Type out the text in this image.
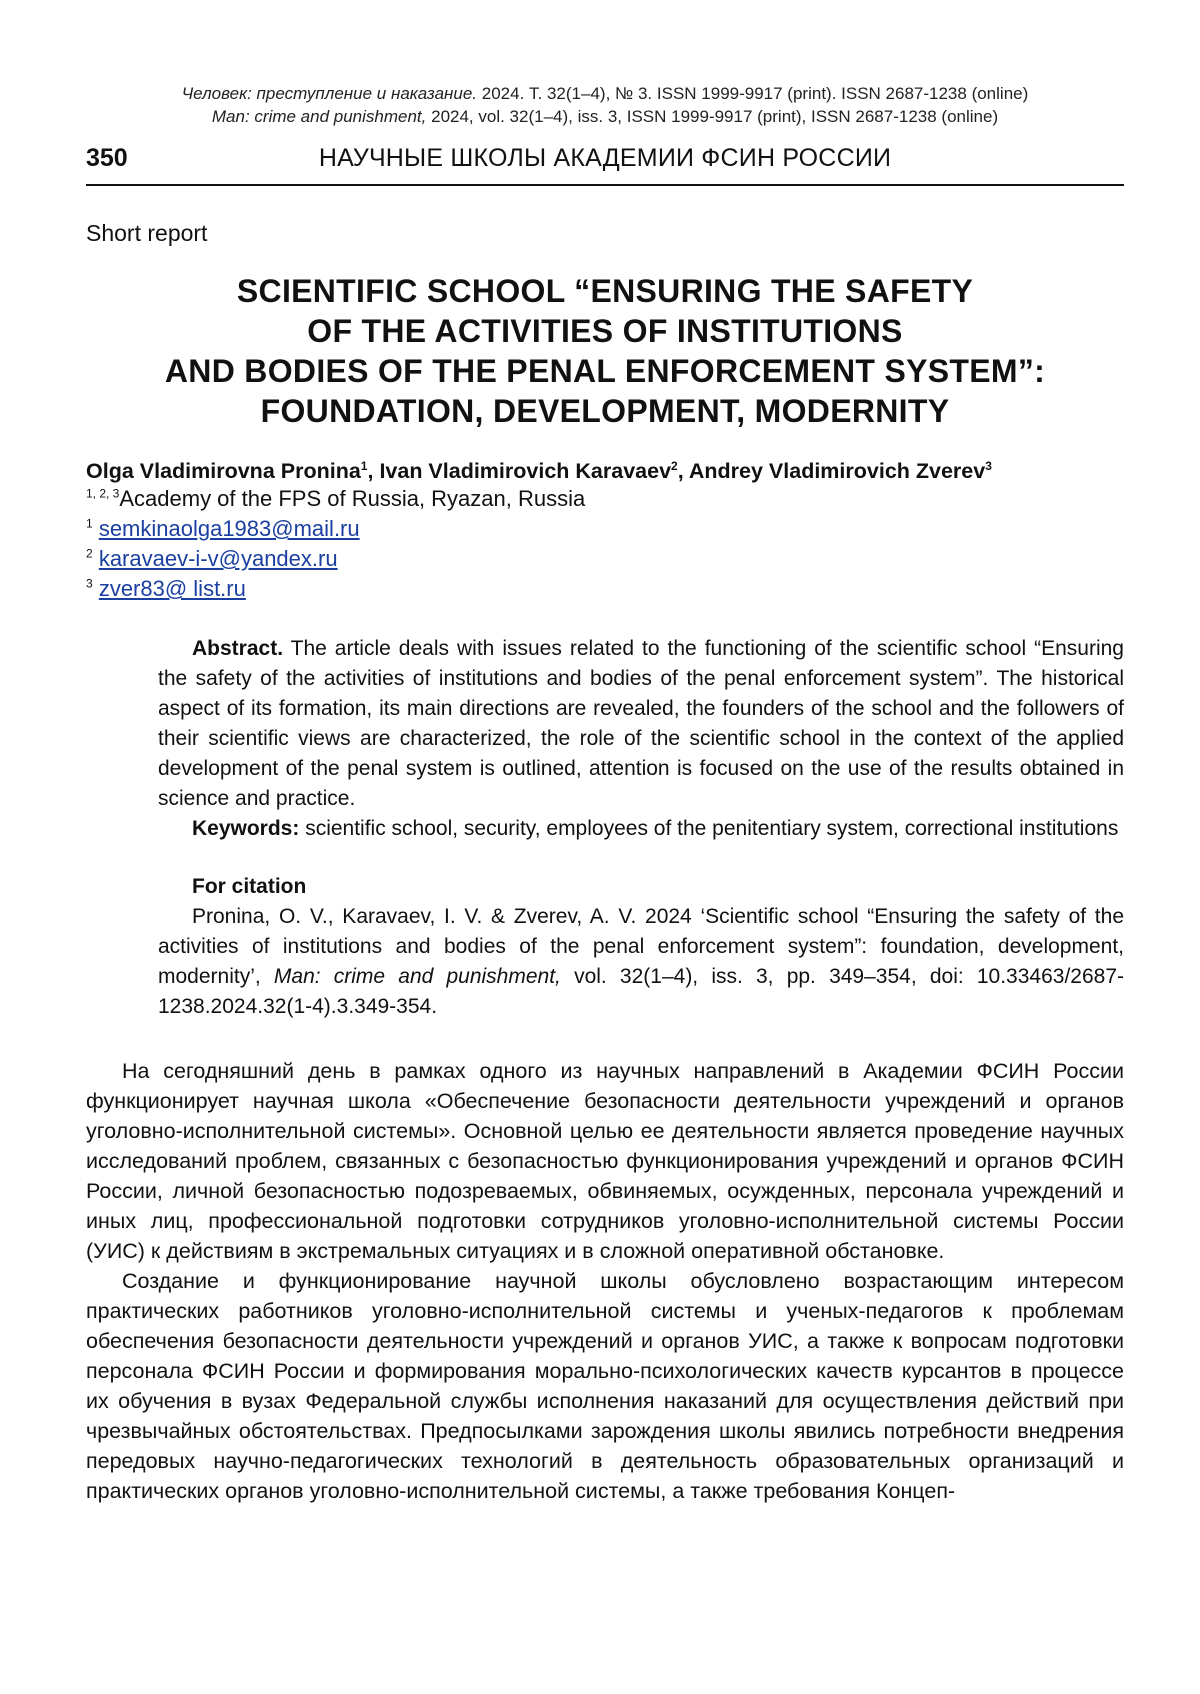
Человек: преступление и наказание. 2024. Т. 32(1–4), № 3. ISSN 1999-9917 (print). ISSN 2687-1238 (online)
Man: crime and punishment, 2024, vol. 32(1–4), iss. 3, ISSN 1999-9917 (print), ISSN 2687-1238 (online)
350	НАУЧНЫЕ ШКОЛЫ АКАДЕМИИ ФСИН РОССИИ
Short report
SCIENTIFIC SCHOOL “ENSURING THE SAFETY
OF THE ACTIVITIES OF INSTITUTIONS
AND BODIES OF THE PENAL ENFORCEMENT SYSTEM”:
FOUNDATION, DEVELOPMENT, MODERNITY
Olga Vladimirovna Pronina$^1$, Ivan Vladimirovich Karavaev$^2$, Andrey Vladimirovich Zverev$^3$
$^{1, 2, 3}$Academy of the FPS of Russia, Ryazan, Russia
$^1$ semkinaolga1983@mail.ru
$^2$ karavaev-i-v@yandex.ru
$^3$ zver83@ list.ru

Abstract. The article deals with issues related to the functioning of the scientific school “Ensuring the safety of the activities of institutions and bodies of the penal enforcement system”. The historical aspect of its formation, its main directions are revealed, the founders of the school and the followers of their scientific views are characterized, the role of the scientific school in the context of the applied development of the penal system is outlined, attention is focused on the use of the results obtained in science and practice.

Keywords: scientific school, security, employees of the penitentiary system, correctional institutions

For citation

Pronina, O. V., Karavaev, I. V. & Zverev, A. V. 2024 ‘Scientific school “Ensuring the safety of the activities of institutions and bodies of the penal enforcement system”: foundation, development, modernity’, Man: crime and punishment, vol. 32(1–4), iss. 3, pp. 349–354, doi: 10.33463/2687-1238.2024.32(1-4).3.349-354.

На сегодняшний день в рамках одного из научных направлений в Академии ФСИН России функционирует научная школа «Обеспечение безопасности деятельности учреждений и органов уголовно-исполнительной системы». Основной целью ее деятельности является проведение научных исследований проблем, связанных с безопасностью функционирования учреждений и органов ФСИН России, личной безопасностью подозреваемых, обвиняемых, осужденных, персонала учреждений и иных лиц, профессиональной подготовки сотрудников уголовно-исполнительной системы России (УИС) к действиям в экстремальных ситуациях и в сложной оперативной обстановке.

Создание и функционирование научной школы обусловлено возрастающим интересом практических работников уголовно-исполнительной системы и ученых-педагогов к проблемам обеспечения безопасности деятельности учреждений и органов УИС, а также к вопросам подготовки персонала ФСИН России и формирования морально-психологических качеств курсантов в процессе их обучения в вузах Федеральной службы исполнения наказаний для осуществления действий при чрезвычайных обстоятельствах. Предпосылками зарождения школы явились потребности внедрения передовых научно-педагогических технологий в деятельность образовательных организаций и практических органов уголовно-исполнительной системы, а также требования Концеп-
